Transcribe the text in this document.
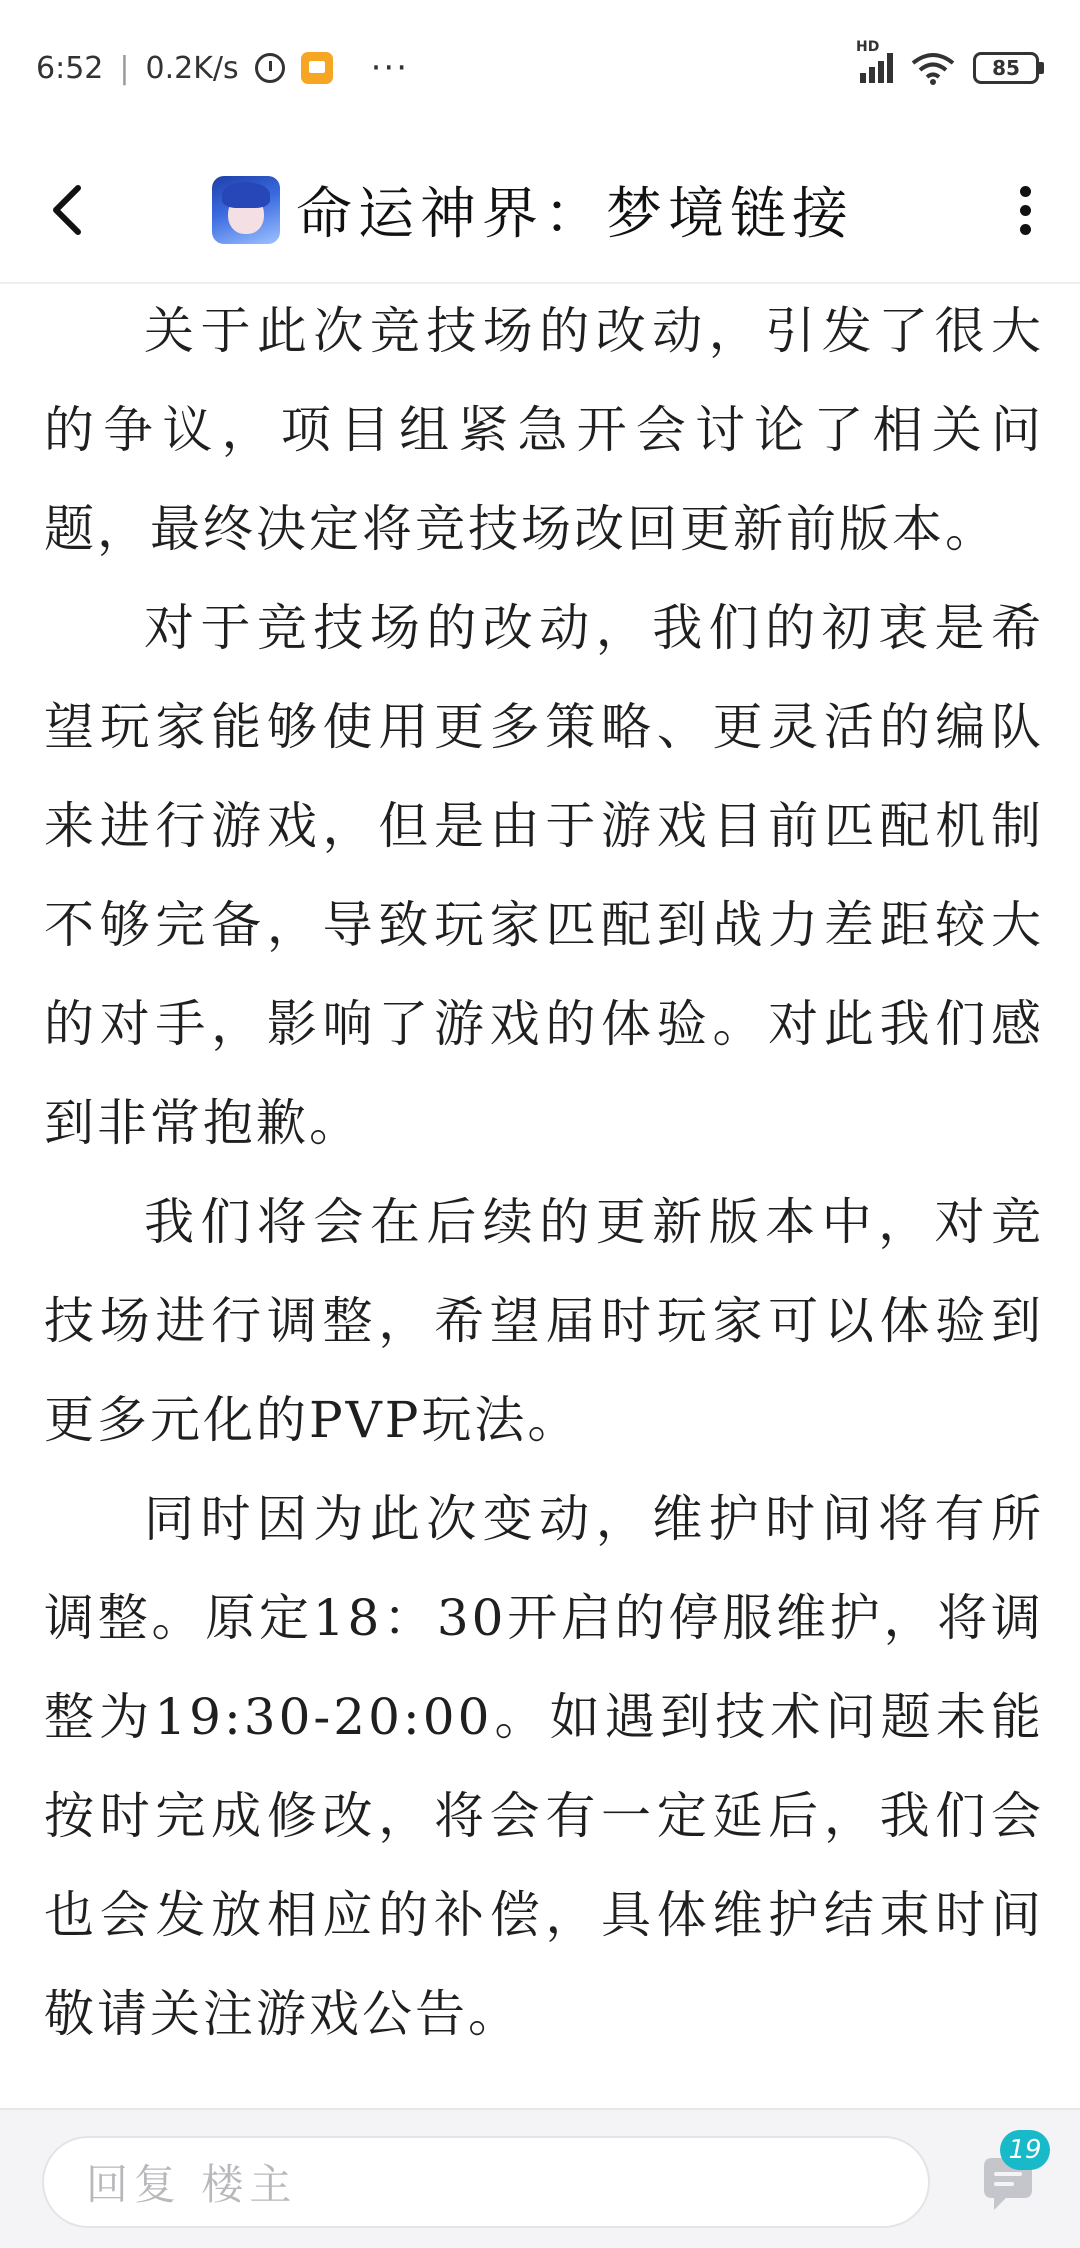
6:52 | 0.2K/s	···
HD
85
命运神界：梦境链接

关于此次竞技场的改动，引发了很大的争议，项目组紧急开会讨论了相关问题，最终决定将竞技场改回更新前版本。

对于竞技场的改动，我们的初衷是希望玩家能够使用更多策略、更灵活的编队来进行游戏，但是由于游戏目前匹配机制不够完备，导致玩家匹配到战力差距较大的对手，影响了游戏的体验。对此我们感到非常抱歉。

我们将会在后续的更新版本中，对竞技场进行调整，希望届时玩家可以体验到更多元化的PVP玩法。

同时因为此次变动，维护时间将有所调整。原定18：30开启的停服维护，将调整为19:30-20:00。如遇到技术问题未能按时完成修改，将会有一定延后，我们会也会发放相应的补偿，具体维护结束时间敬请关注游戏公告。

回复 楼主
19
